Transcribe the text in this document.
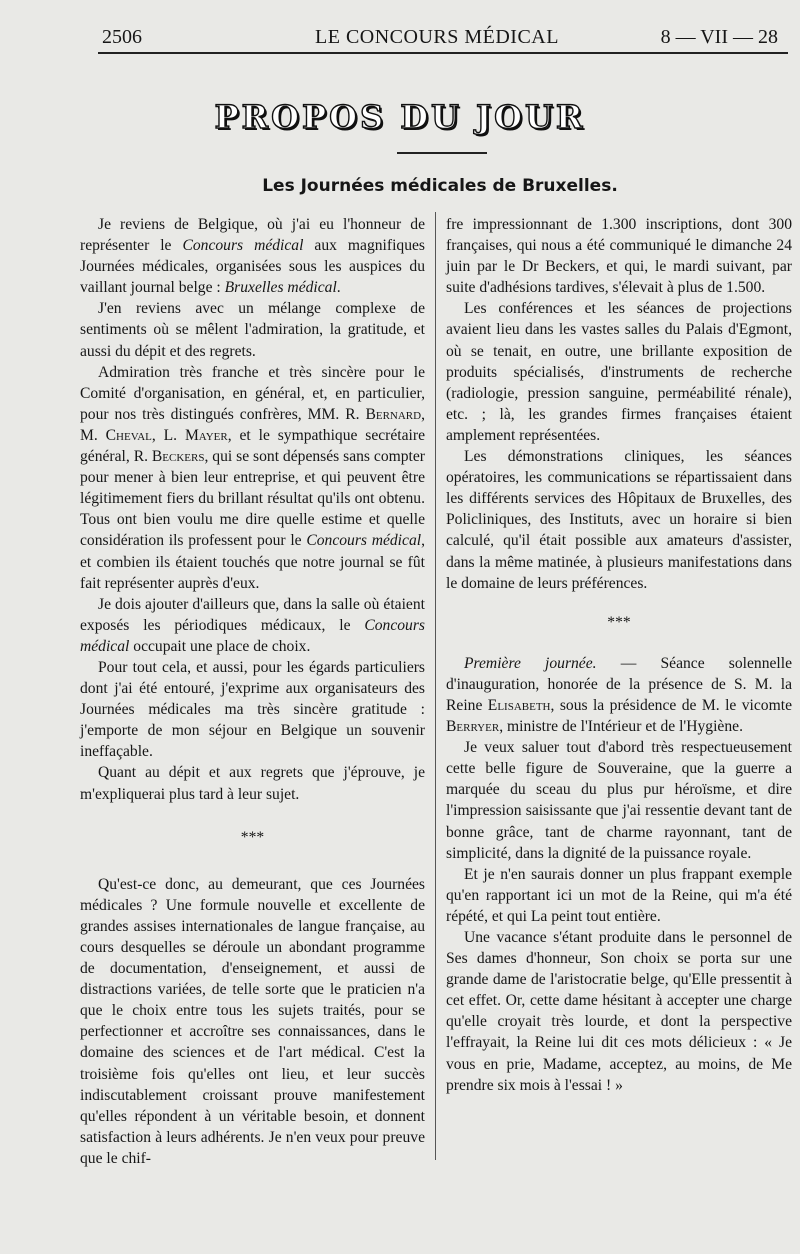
2506	LE CONCOURS MÉDICAL	8 — VII — 28
PROPOS DU JOUR
Les Journées médicales de Bruxelles.

Je reviens de Belgique, où j'ai eu l'honneur de représenter le Concours médical aux magnifiques Journées médicales, organisées sous les auspices du vaillant journal belge : Bruxelles médical.

J'en reviens avec un mélange complexe de sentiments où se mêlent l'admiration, la gratitude, et aussi du dépit et des regrets.

Admiration très franche et très sincère pour le Comité d'organisation, en général, et, en particulier, pour nos très distingués confrères, MM. R. Bernard, M. Cheval, L. Mayer, et le sympathique secrétaire général, R. Beckers, qui se sont dépensés sans compter pour mener à bien leur entreprise, et qui peuvent être légitimement fiers du brillant résultat qu'ils ont obtenu. Tous ont bien voulu me dire quelle estime et quelle considération ils professent pour le Concours médical, et combien ils étaient touchés que notre journal se fût fait représenter auprès d'eux.

Je dois ajouter d'ailleurs que, dans la salle où étaient exposés les périodiques médicaux, le Concours médical occupait une place de choix.

Pour tout cela, et aussi, pour les égards particuliers dont j'ai été entouré, j'exprime aux organisateurs des Journées médicales ma très sincère gratitude : j'emporte de mon séjour en Belgique un souvenir ineffaçable.

Quant au dépit et aux regrets que j'éprouve, je m'expliquerai plus tard à leur sujet.

***

Qu'est-ce donc, au demeurant, que ces Journées médicales ? Une formule nouvelle et excellente de grandes assises internationales de langue française, au cours desquelles se déroule un abondant programme de documentation, d'enseignement, et aussi de distractions variées, de telle sorte que le praticien n'a que le choix entre tous les sujets traités, pour se perfectionner et accroître ses connaissances, dans le domaine des sciences et de l'art médical. C'est la troisième fois qu'elles ont lieu, et leur succès indiscutablement croissant prouve manifestement qu'elles répondent à un véritable besoin, et donnent satisfaction à leurs adhérents. Je n'en veux pour preuve que le chif-

fre impressionnant de 1.300 inscriptions, dont 300 françaises, qui nous a été communiqué le dimanche 24 juin par le Dr Beckers, et qui, le mardi suivant, par suite d'adhésions tardives, s'élevait à plus de 1.500.

Les conférences et les séances de projections avaient lieu dans les vastes salles du Palais d'Egmont, où se tenait, en outre, une brillante exposition de produits spécialisés, d'instruments de recherche (radiologie, pression sanguine, perméabilité rénale), etc. ; là, les grandes firmes françaises étaient amplement représentées.

Les démonstrations cliniques, les séances opératoires, les communications se répartissaient dans les différents services des Hôpitaux de Bruxelles, des Policliniques, des Instituts, avec un horaire si bien calculé, qu'il était possible aux amateurs d'assister, dans la même matinée, à plusieurs manifestations dans le domaine de leurs préférences.

***

Première journée. — Séance solennelle d'inauguration, honorée de la présence de S. M. la Reine Elisabeth, sous la présidence de M. le vicomte Berryer, ministre de l'Intérieur et de l'Hygiène.

Je veux saluer tout d'abord très respectueusement cette belle figure de Souveraine, que la guerre a marquée du sceau du plus pur héroïsme, et dire l'impression saisissante que j'ai ressentie devant tant de bonne grâce, tant de charme rayonnant, tant de simplicité, dans la dignité de la puissance royale.

Et je n'en saurais donner un plus frappant exemple qu'en rapportant ici un mot de la Reine, qui m'a été répété, et qui La peint tout entière.

Une vacance s'étant produite dans le personnel de Ses dames d'honneur, Son choix se porta sur une grande dame de l'aristocratie belge, qu'Elle pressentit à cet effet. Or, cette dame hésitant à accepter une charge qu'elle croyait très lourde, et dont la perspective l'effrayait, la Reine lui dit ces mots délicieux : « Je vous en prie, Madame, acceptez, au moins, de Me prendre six mois à l'essai ! »
